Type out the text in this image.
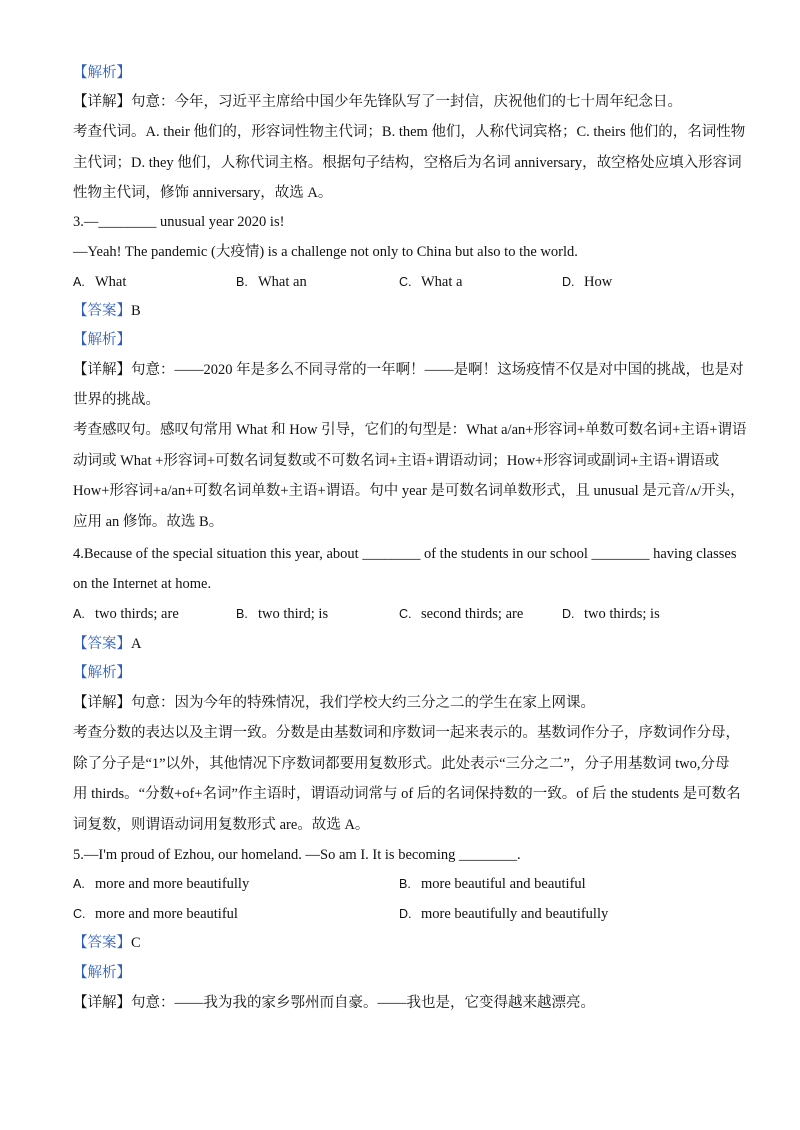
【解析】
【详解】句意：今年，习近平主席给中国少年先锋队写了一封信，庆祝他们的七十周年纪念日。
考查代词。A. their 他们的，形容词性物主代词；B. them 他们，人称代词宾格；C. theirs 他们的，名词性物
主代词；D. they 他们，人称代词主格。根据句子结构，空格后为名词 anniversary，故空格处应填入形容词
性物主代词，修饰 anniversary，故选 A。
3.—________ unusual year 2020 is!
—Yeah! The pandemic (大疫情) is a challenge not only to China but also to the world.
A. What	B. What an	C. What a	D. How
【答案】B
【解析】
【详解】句意：——2020 年是多么不同寻常的一年啊！——是啊！这场疫情不仅是对中国的挑战，也是对
世界的挑战。
考查感叹句。感叹句常用 What 和 How 引导，它们的句型是：What a/an+形容词+单数可数名词+主语+谓语
动词或 What +形容词+可数名词复数或不可数名词+主语+谓语动词；How+形容词或副词+主语+谓语或
How+形容词+a/an+可数名词单数+主语+谓语。句中 year 是可数名词单数形式，且 unusual 是元音/ʌ/开头，
应用 an 修饰。故选 B。
4.Because of the special situation this year, about ________ of the students in our school ________ having classes
on the Internet at home.
A. two thirds; are	B. two third; is	C. second thirds; are	D. two thirds; is
【答案】A
【解析】
【详解】句意：因为今年的特殊情况，我们学校大约三分之二的学生在家上网课。
考查分数的表达以及主谓一致。分数是由基数词和序数词一起来表示的。基数词作分子，序数词作分母，
除了分子是“1”以外，其他情况下序数词都要用复数形式。此处表示“三分之二”，分子用基数词 two,分母
用 thirds。“分数+of+名词”作主语时，谓语动词常与 of 后的名词保持数的一致。of 后 the students 是可数名
词复数，则谓语动词用复数形式 are。故选 A。
5.—I'm proud of Ezhou, our homeland. —So am I. It is becoming ________.
A. more and more beautifully	B. more beautiful and beautiful
C. more and more beautiful	D. more beautifully and beautifully
【答案】C
【解析】
【详解】句意：——我为我的家乡鄂州而自豪。——我也是，它变得越来越漂亮。
